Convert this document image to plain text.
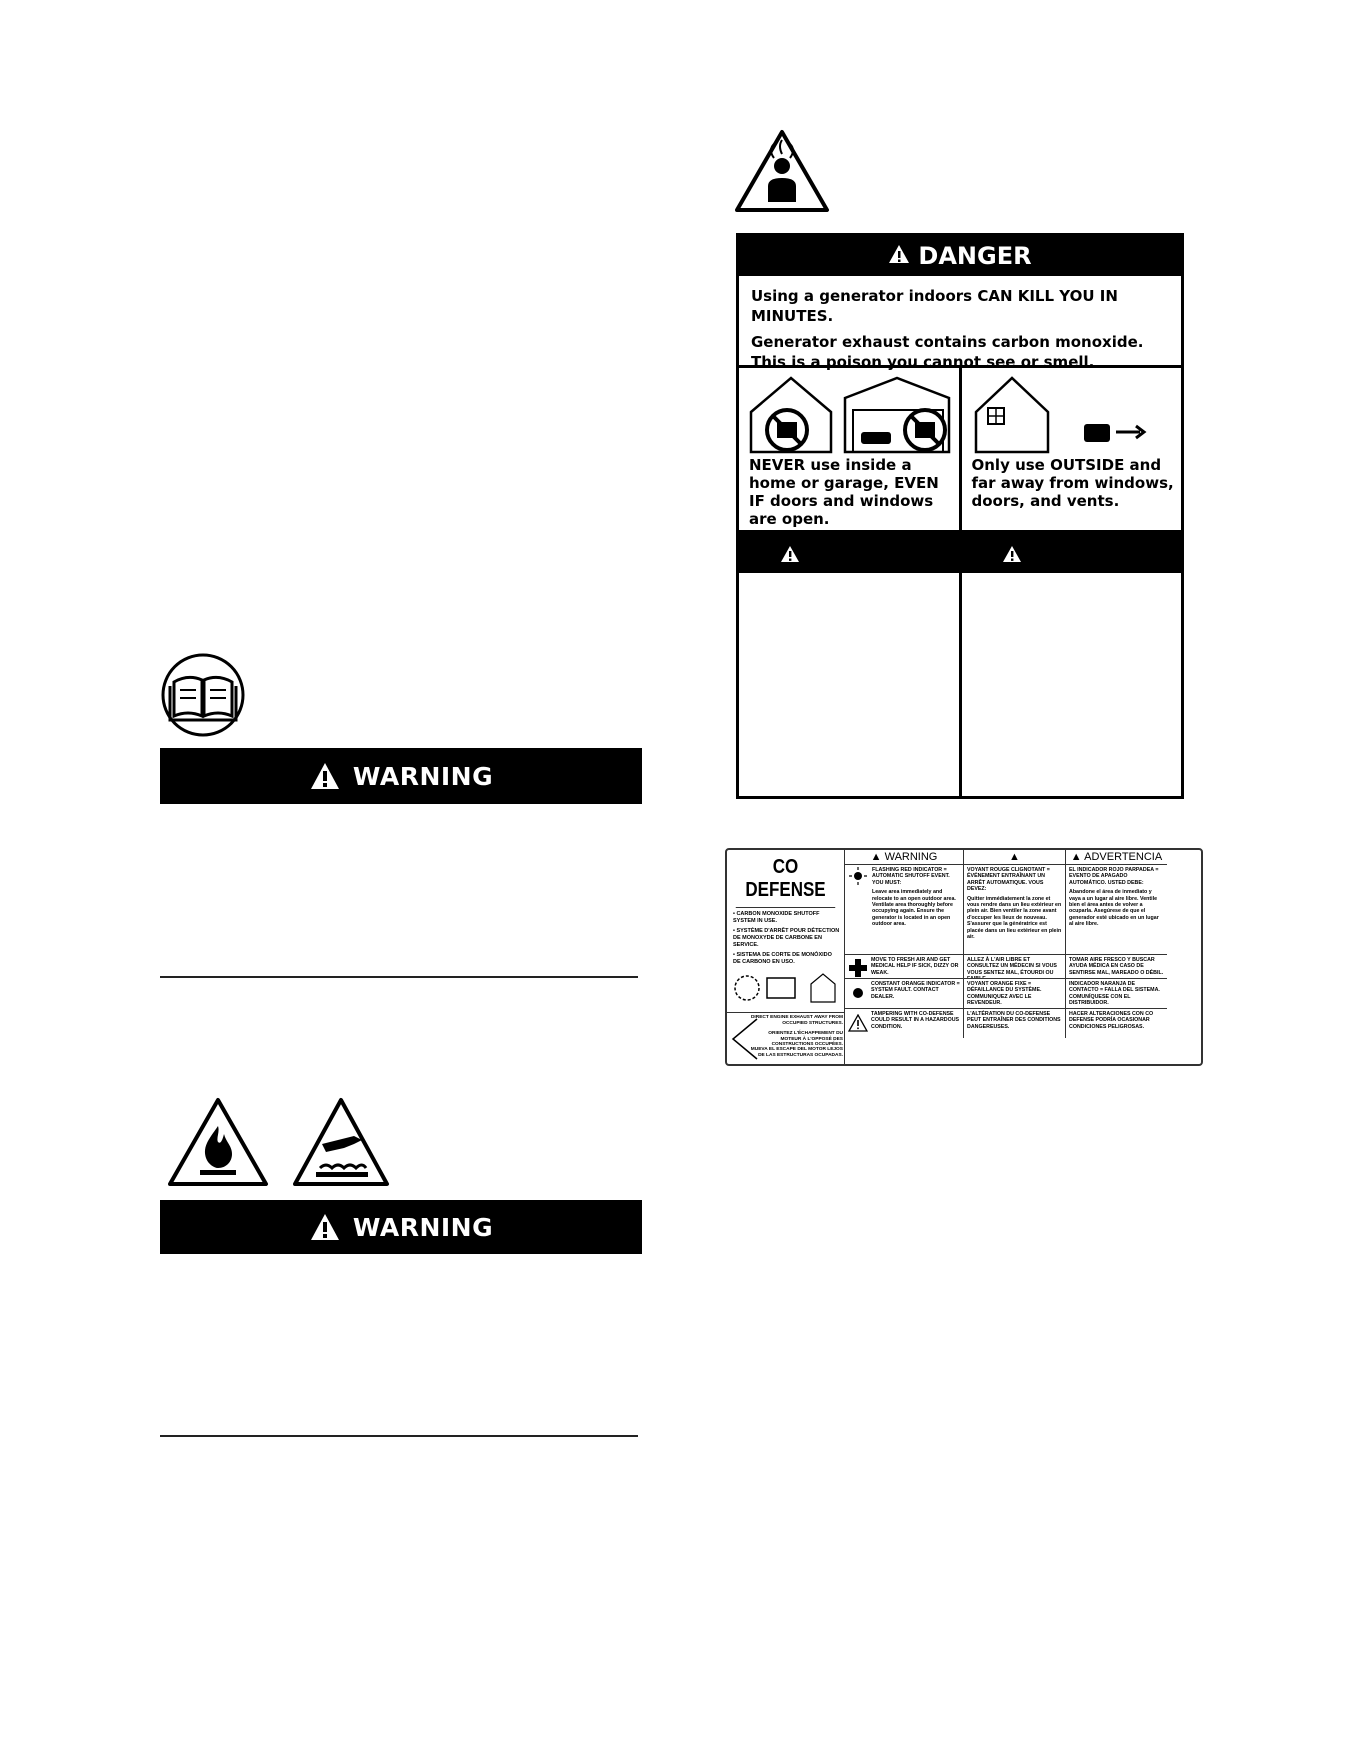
WARNING
WARNING
DANGER

Using a generator indoors CAN KILL YOU IN MINUTES.

Generator exhaust contains carbon monoxide. This is a poison you cannot see or smell.

NEVER use inside a home or garage, EVEN IF doors and windows are open.
Only use OUTSIDE and far away from windows, doors, and vents.
CO DEFENSE
• CARBON MONOXIDE SHUTOFF SYSTEM IN USE.
• SYSTÈME D'ARRÊT POUR DÉTECTION DE MONOXYDE DE CARBONE EN SERVICE.
• SISTEMA DE CORTE DE MONÓXIDO DE CARBONO EN USO.
DIRECT ENGINE EXHAUST AWAY FROM OCCUPIED STRUCTURES.
ORIENTEZ L'ÉCHAPPEMENT DU MOTEUR À L'OPPOSÉ DES CONSTRUCTIONS OCCUPÉES.
MUEVA EL ESCAPE DEL MOTOR LEJOS DE LAS ESTRUCTURAS OCUPADAS.
▲ WARNING	▲	▲ ADVERTENCIA
FLASHING RED INDICATOR = AUTOMATIC SHUTOFF EVENT. YOU MUST:
Leave area immediately and relocate to an open outdoor area. Ventilate area thoroughly before occupying again. Ensure the generator is located in an open outdoor area.
VOYANT ROUGE CLIGNOTANT = ÉVÉNEMENT ENTRAÎNANT UN ARRÊT AUTOMATIQUE. VOUS DEVEZ:
Quitter immédiatement la zone et vous rendre dans un lieu extérieur en plein air. Bien ventiler la zone avant d'occuper les lieux de nouveau. S'assurer que la génératrice est placée dans un lieu extérieur en plein air.
EL INDICADOR ROJO PARPADEA = EVENTO DE APAGADO AUTOMÁTICO. USTED DEBE:
Abandone el área de inmediato y vaya a un lugar al aire libre. Ventile bien el área antes de volver a ocuparla. Asegúrese de que el generador esté ubicado en un lugar al aire libre.
MOVE TO FRESH AIR AND GET MEDICAL HELP IF SICK, DIZZY OR WEAK.
ALLEZ À L'AIR LIBRE ET CONSULTEZ UN MÉDECIN SI VOUS VOUS SENTEZ MAL, ÉTOURDI OU
TOMAR AIRE FRESCO Y BUSCAR AYUDA MÉDICA EN CASO DE SENTIRSE MAL, MAREADO O DÉBIL.
CONSTANT ORANGE INDICATOR = SYSTEM FAULT. CONTACT DEALER.
VOYANT ORANGE FIXE = DÉFAILLANCE DU SYSTÈME. COMMUNIQUEZ AVEC LE REVENDEUR.
INDICADOR NARANJA DE CONTACTO = FALLA DEL SISTEMA. COMUNÍQUESE CON EL DISTRIBUIDOR.
TAMPERING WITH CO-DEFENSE COULD RESULT IN A HAZARDOUS CONDITION.
L'ALTÉRATION DU CO-DEFENSE PEUT ENTRAÎNER DES CONDITIONS DANGEREUSES.
HACER ALTERACIONES CON CO DEFENSE PODRÍA OCASIONAR CONDICIONES PELIGROSAS.
